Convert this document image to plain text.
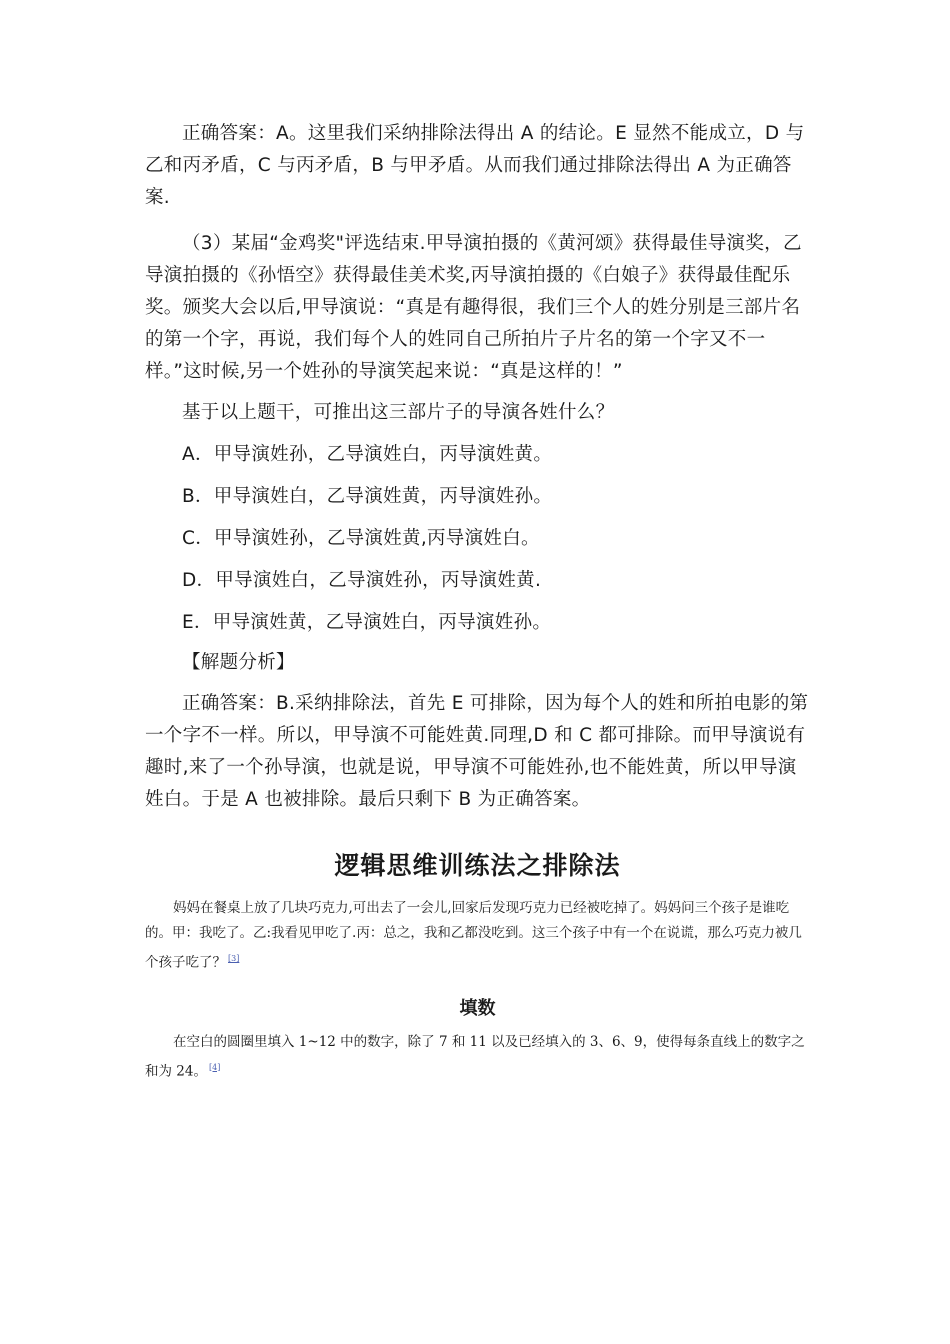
正确答案：A。这里我们采纳排除法得出 A 的结论。E 显然不能成立，D 与乙和丙矛盾，C 与丙矛盾，B 与甲矛盾。从而我们通过排除法得出 A 为正确答案.

（3）某届“金鸡奖"评选结束.甲导演拍摄的《黄河颂》获得最佳导演奖，乙导演拍摄的《孙悟空》获得最佳美术奖,丙导演拍摄的《白娘子》获得最佳配乐奖。颁奖大会以后,甲导演说：“真是有趣得很，我们三个人的姓分别是三部片名的第一个字，再说，我们每个人的姓同自己所拍片子片名的第一个字又不一样。”这时候,另一个姓孙的导演笑起来说：“真是这样的！”

基于以上题干，可推出这三部片子的导演各姓什么？

A．甲导演姓孙，乙导演姓白，丙导演姓黄。

B．甲导演姓白，乙导演姓黄，丙导演姓孙。

C．甲导演姓孙，乙导演姓黄,丙导演姓白。

D．甲导演姓白，乙导演姓孙，丙导演姓黄.

E．甲导演姓黄，乙导演姓白，丙导演姓孙。

【解题分析】

正确答案：B.采纳排除法，首先 E 可排除，因为每个人的姓和所拍电影的第一个字不一样。所以，甲导演不可能姓黄.同理,D 和 C 都可排除。而甲导演说有趣时,来了一个孙导演，也就是说，甲导演不可能姓孙,也不能姓黄，所以甲导演姓白。于是 A 也被排除。最后只剩下 B 为正确答案。

逻辑思维训练法之排除法

妈妈在餐桌上放了几块巧克力,可出去了一会儿,回家后发现巧克力已经被吃掉了。妈妈问三个孩子是谁吃的。甲：我吃了。乙:我看见甲吃了.丙：总之，我和乙都没吃到。这三个孩子中有一个在说谎，那么巧克力被几个孩子吃了？ [3]

填数

在空白的圆圈里填入 1~12 中的数字，除了 7 和 11 以及已经填入的 3、6、9，使得每条直线上的数字之和为 24。 [4]
